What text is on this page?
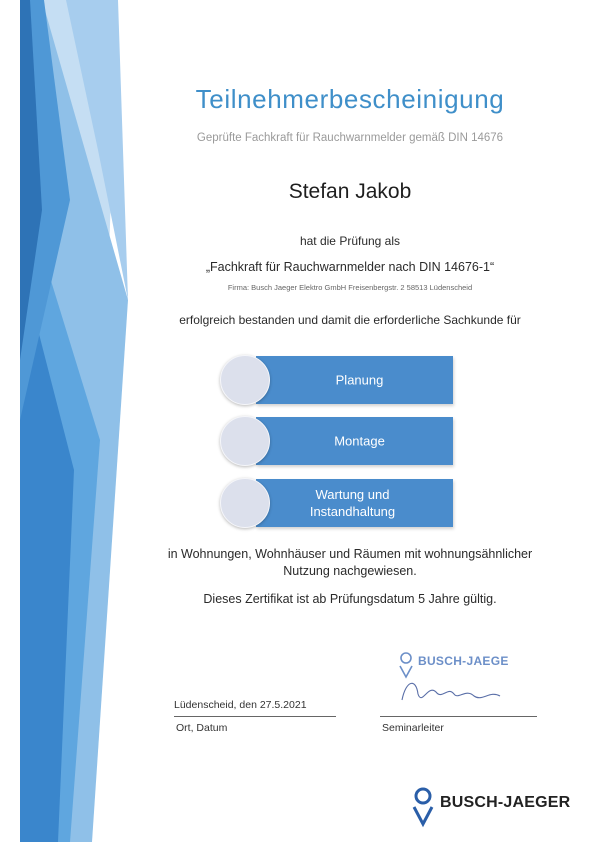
Teilnehmerbescheinigung
Geprüfte Fachkraft für Rauchwarnmelder gemäß DIN 14676
Stefan Jakob
hat die Prüfung als
„Fachkraft für Rauchwarnmelder nach DIN 14676-1“
Firma: Busch Jaeger Elektro GmbH Freisenbergstr. 2 58513 Lüdenscheid
erfolgreich bestanden und damit die erforderliche Sachkunde für
Planung
Montage
Wartung und Instandhaltung
in Wohnungen, Wohnhäuser und Räumen mit wohnungsähnlicher Nutzung nachgewiesen.
Dieses Zertifikat ist ab Prüfungsdatum 5 Jahre gültig.
BUSCH-JAEGE
Lüdenscheid, den 27.5.2021
Ort, Datum	Seminarleiter
BUSCH-JAEGER
